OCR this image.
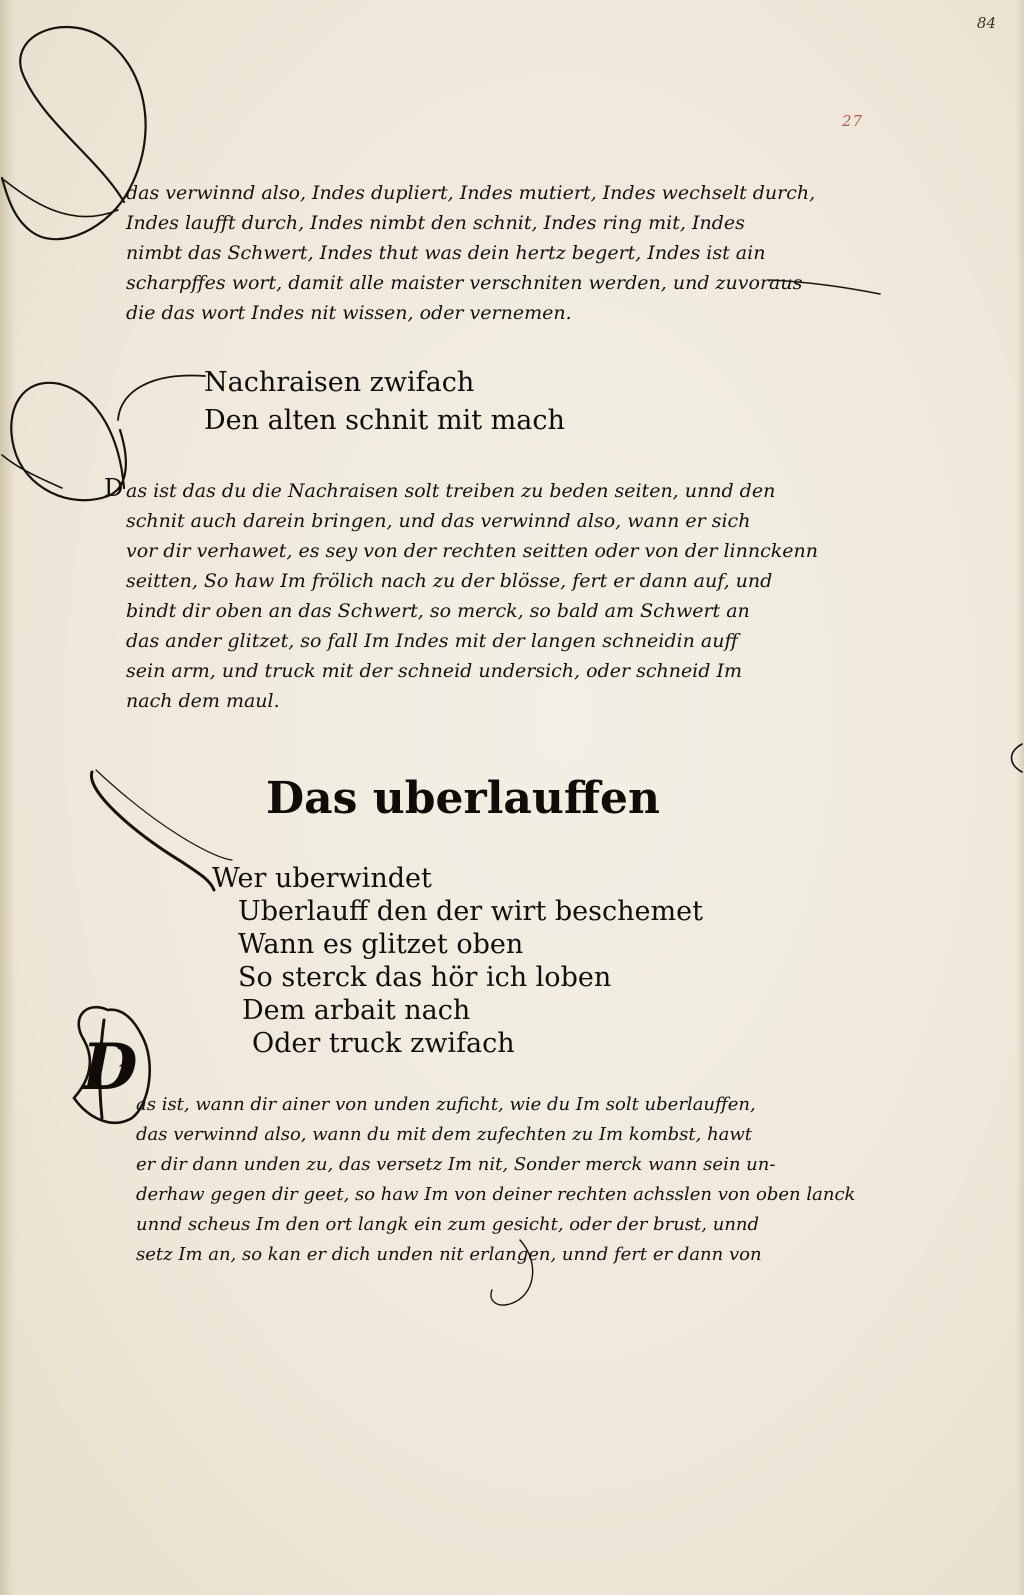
84
27
das verwinnd also, Indes dupliert, Indes mutiert, Indes wechselt durch,
Indes laufft durch, Indes nimbt den schnit, Indes ring mit, Indes
nimbt das Schwert, Indes thut was dein hertz begert, Indes ist ain
scharpffes wort, damit alle maister verschniten werden, und zuvoraus
die das wort Indes nit wissen, oder vernemen.
Nachraisen zwifach
Den alten schnit mit mach
D as ist das du die Nachraisen solt treiben zu beden seiten, unnd den
schnit auch darein bringen, und das verwinnd also, wann er sich
vor dir verhawet, es sey von der rechten seitten oder von der linnckenn
seitten, So haw Im frölich nach zu der blösse, fert er dann auf, und
bindt dir oben an das Schwert, so merck, so bald am Schwert an
das ander glitzet, so fall Im Indes mit der langen schneidin auff
sein arm, und truck mit der schneid undersich, oder schneid Im
nach dem maul.
Das uberlauffen
Wer uberwindet
Uberlauff den der wirt beschemet
Wann es glitzet oben
So sterck das hör ich loben
Dem arbait nach
Oder truck zwifach
D
as ist, wann dir ainer von unden zuficht, wie du Im solt uberlauffen,
das verwinnd also, wann du mit dem zufechten zu Im kombst, hawt
er dir dann unden zu, das versetz Im nit, Sonder merck wann sein un-
derhaw gegen dir geet, so haw Im von deiner rechten achsslen von oben lanck
unnd scheus Im den ort langk ein zum gesicht, oder der brust, unnd
setz Im an, so kan er dich unden nit erlangen, unnd fert er dann von
